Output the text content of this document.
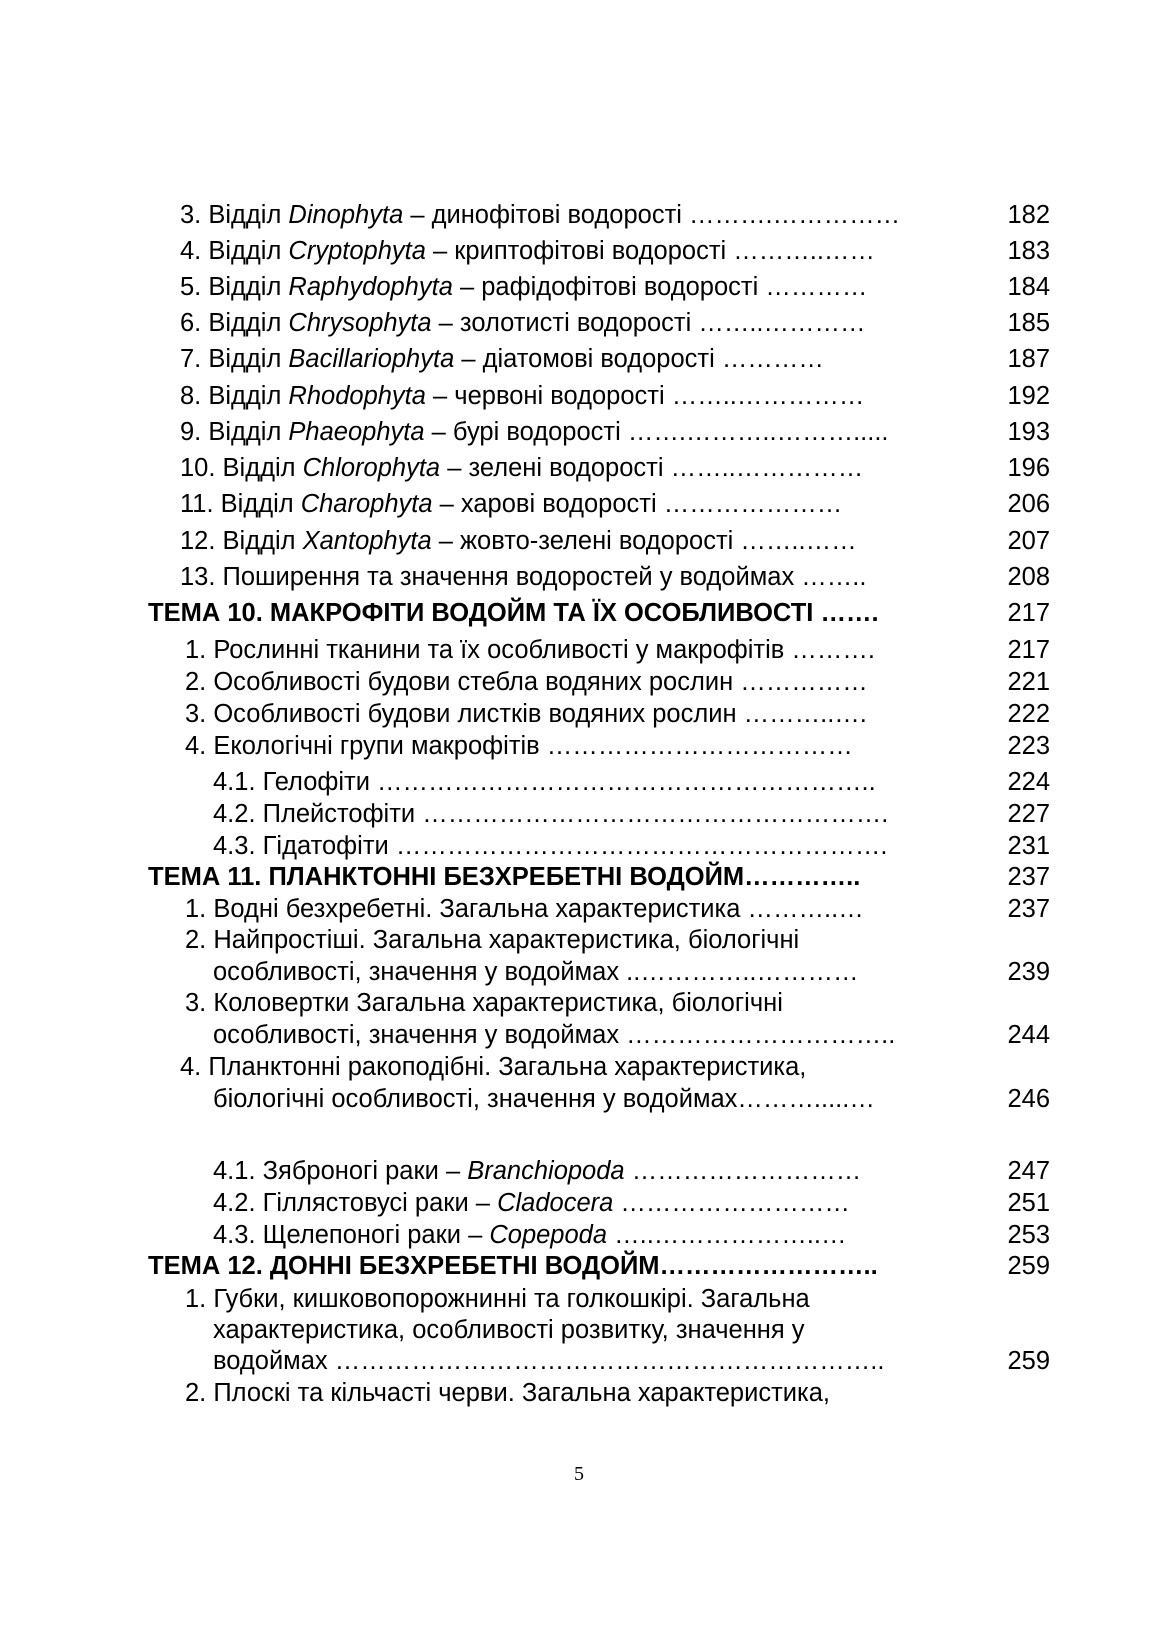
3. Відділ Dinophyta – динофітові водорості ……….……………	182
4. Відділ Cryptophyta – криптофітові водорості ………..……	183
5. Відділ Raphydophyta – рафідофітові водорості …………	184
6. Відділ Chrysophyta – золотисті водорості ……..…………	185
7. Відділ Bacillariophyta – діатомові водорості …………	187
8. Відділ Rhodophyta – червоні водорості ……..……………	192
9. Відділ Phaeophyta – бурі водорості …….………..……….....	193
10. Відділ Chlorophyta – зелені водорості ……..……………	196
11. Відділ Charophyta – харові водорості …………………	206
12. Відділ Xantophyta – жовто-зелені водорості ……..……	207
13. Поширення та значення водоростей у водоймах ……..	208
ТЕМА 10. МАКРОФІТИ ВОДОЙМ ТА ЇХ ОСОБЛИВОСТІ …….	217
1. Рослинні тканини та їх особливості у макрофітів ……….	217
2. Особливості будови стебла водяних рослин ……………	221
3. Особливості будови листків водяних рослин ………..….	222
4. Екологічні групи макрофітів ………………………………	223
4.1. Гелофіти …………………………………………………..	224
4.2. Плейстофіти ……………………………………………….	227
4.3. Гідатофіти ………………………………………………….	231
ТЕМА 11. ПЛАНКТОННІ БЕЗХРЕБЕТНІ ВОДОЙМ…………..	237
1. Водні безхребетні. Загальна характеристика ………..…	237
2. Найпростіші. Загальна характеристика, біологічні
особливості, значення у водоймах ..…………..…………	239
3. Коловертки Загальна характеристика, біологічні
особливості, значення у водоймах …………………………..	244
4. Планктонні ракоподібні. Загальна характеристика,
біологічні особливості, значення у водоймах……….....…	246
4.1. Зяброногі раки – Branchiopoda ………………………	247
4.2. Гіллястовусі раки – Cladocera ………………………	251
4.3. Щелепоногі раки – Copepoda …..………………..…	253
ТЕМА 12. ДОННІ БЕЗХРЕБЕТНІ ВОДОЙМ……………………..	259
1. Губки, кишковопорожнинні та голкошкірі. Загальна
характеристика, особливості розвитку, значення у
водоймах ………………………………………………………..	259
2. Плоскі та кільчасті черви. Загальна характеристика,
5
